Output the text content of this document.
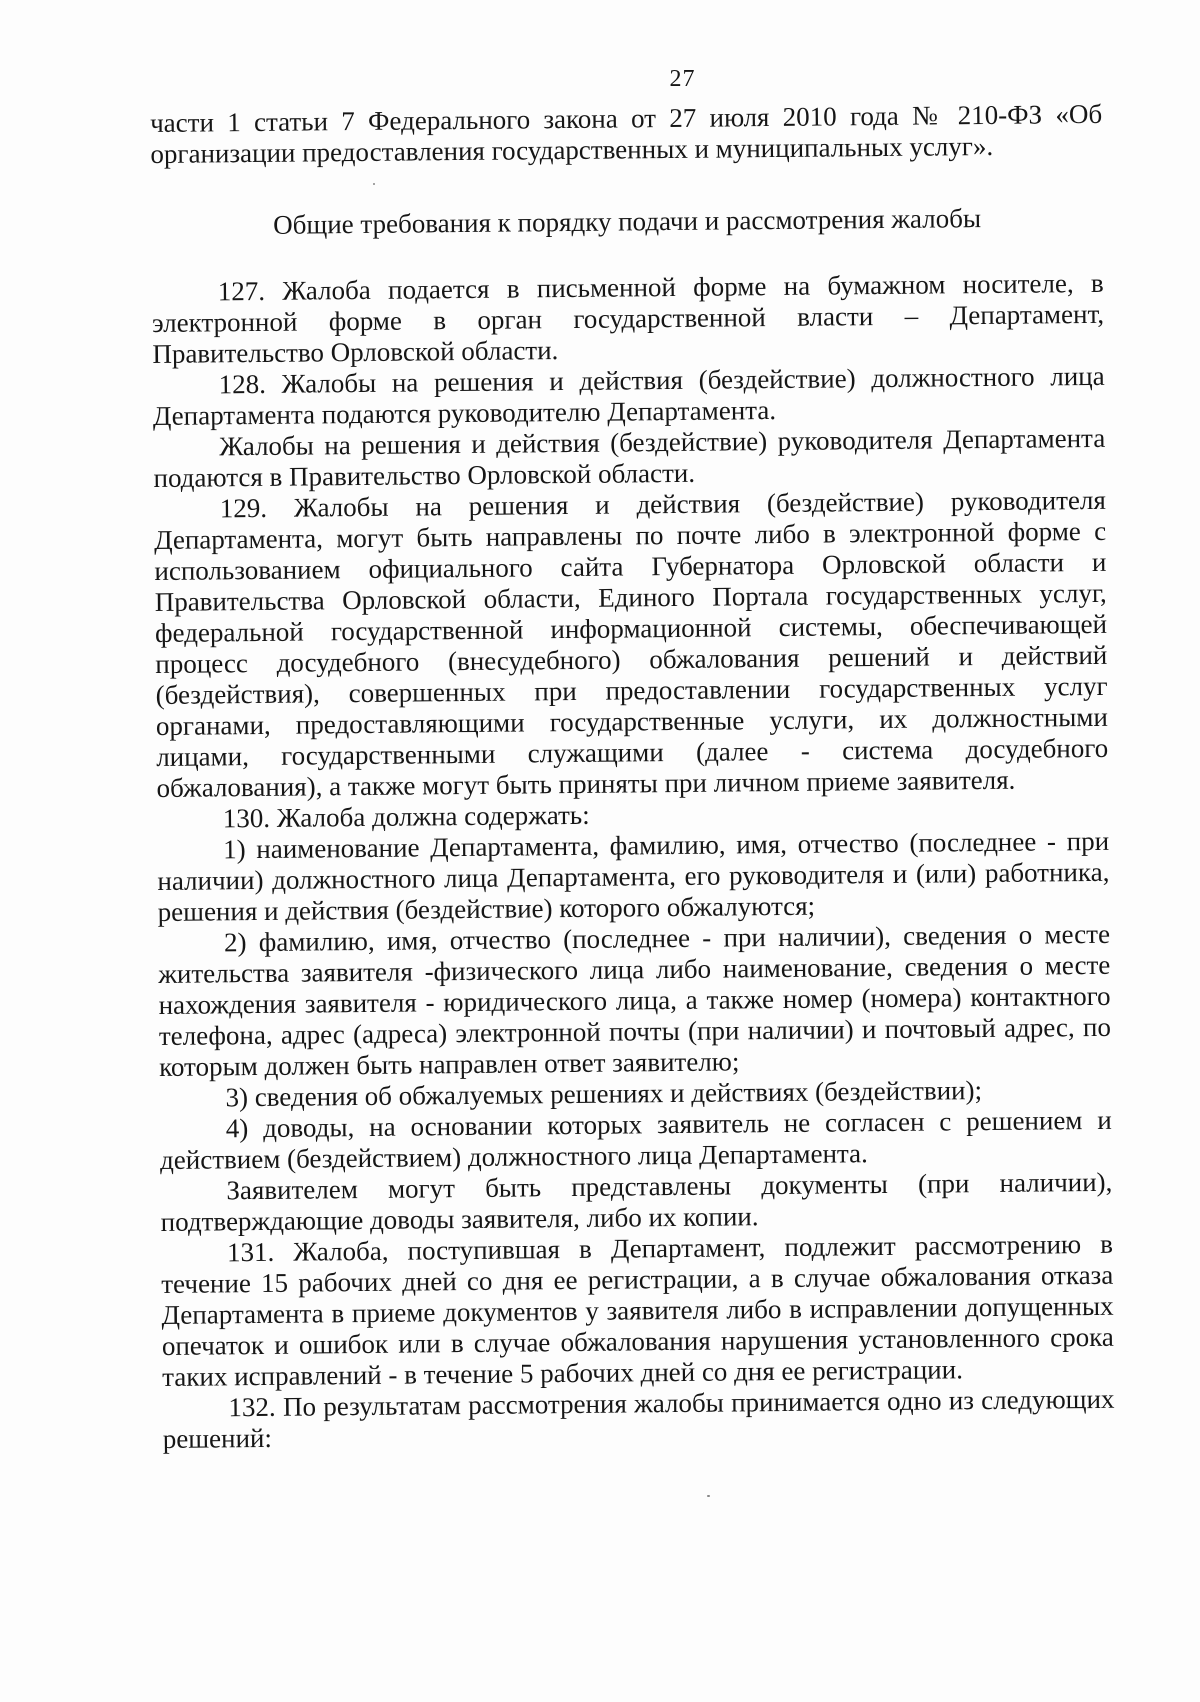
27

части 1 статьи 7 Федерального закона от 27 июля 2010 года № 210-ФЗ «Об организации предоставления государственных и муниципальных услуг».

Общие требования к порядку подачи и рассмотрения жалобы

127. Жалоба подается в письменной форме на бумажном носителе, в электронной форме в орган государственной власти – Департамент, Правительство Орловской области.

128. Жалобы на решения и действия (бездействие) должностного лица Департамента подаются руководителю Департамента.

Жалобы на решения и действия (бездействие) руководителя Департамента подаются в Правительство Орловской области.

129. Жалобы на решения и действия (бездействие) руководителя Департамента, могут быть направлены по почте либо в электронной форме с использованием официального сайта Губернатора Орловской области и Правительства Орловской области, Единого Портала государственных услуг, федеральной государственной информационной системы, обеспечивающей процесс досудебного (внесудебного) обжалования решений и действий (бездействия), совершенных при предоставлении государственных услуг органами, предоставляющими государственные услуги, их должностными лицами, государственными служащими (далее - система досудебного обжалования), а также могут быть приняты при личном приеме заявителя.

130. Жалоба должна содержать:

1) наименование Департамента, фамилию, имя, отчество (последнее - при наличии) должностного лица Департамента, его руководителя и (или) работника, решения и действия (бездействие) которого обжалуются;

2) фамилию, имя, отчество (последнее - при наличии), сведения о месте жительства заявителя -физического лица либо наименование, сведения о месте нахождения заявителя - юридического лица, а также номер (номера) контактного телефона, адрес (адреса) электронной почты (при наличии) и почтовый адрес, по которым должен быть направлен ответ заявителю;

3) сведения об обжалуемых решениях и действиях (бездействии);

4) доводы, на основании которых заявитель не согласен с решением и действием (бездействием) должностного лица Департамента.

Заявителем могут быть представлены документы (при наличии), подтверждающие доводы заявителя, либо их копии.

131. Жалоба, поступившая в Департамент, подлежит рассмотрению в течение 15 рабочих дней со дня ее регистрации, а в случае обжалования отказа Департамента в приеме документов у заявителя либо в исправлении допущенных опечаток и ошибок или в случае обжалования нарушения установленного срока таких исправлений - в течение 5 рабочих дней со дня ее регистрации.

132. По результатам рассмотрения жалобы принимается одно из следующих решений:
